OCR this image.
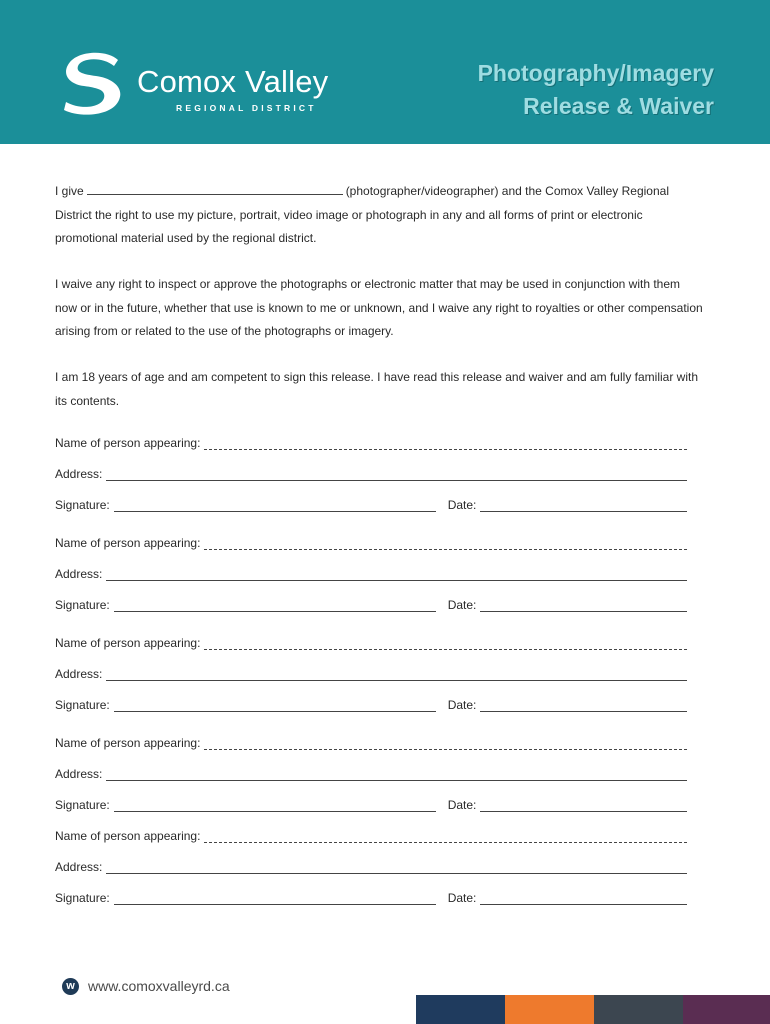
Comox Valley
REGIONAL DISTRICT
Photography/Imagery
Release & Waiver
I give	(photographer/videographer) and the Comox Valley Regional District the right to use my picture, portrait, video image or photograph in any and all forms of print or electronic promotional material used by the regional district.
I waive any right to inspect or approve the photographs or electronic matter that may be used in conjunction with them now or in the future, whether that use is known to me or unknown, and I waive any right to royalties or other compensation arising from or related to the use of the photographs or imagery.
I am 18 years of age and am competent to sign this release. I have read this release and waiver and am fully familiar with its contents.
Name of person appearing:
Address:
Signature:	Date:
Name of person appearing:
Address:
Signature:	Date:
Name of person appearing:
Address:
Signature:	Date:
Name of person appearing:
Address:
Signature:	Date:
Name of person appearing:
Address:
Signature:	Date:
w www.comoxvalleyrd.ca
